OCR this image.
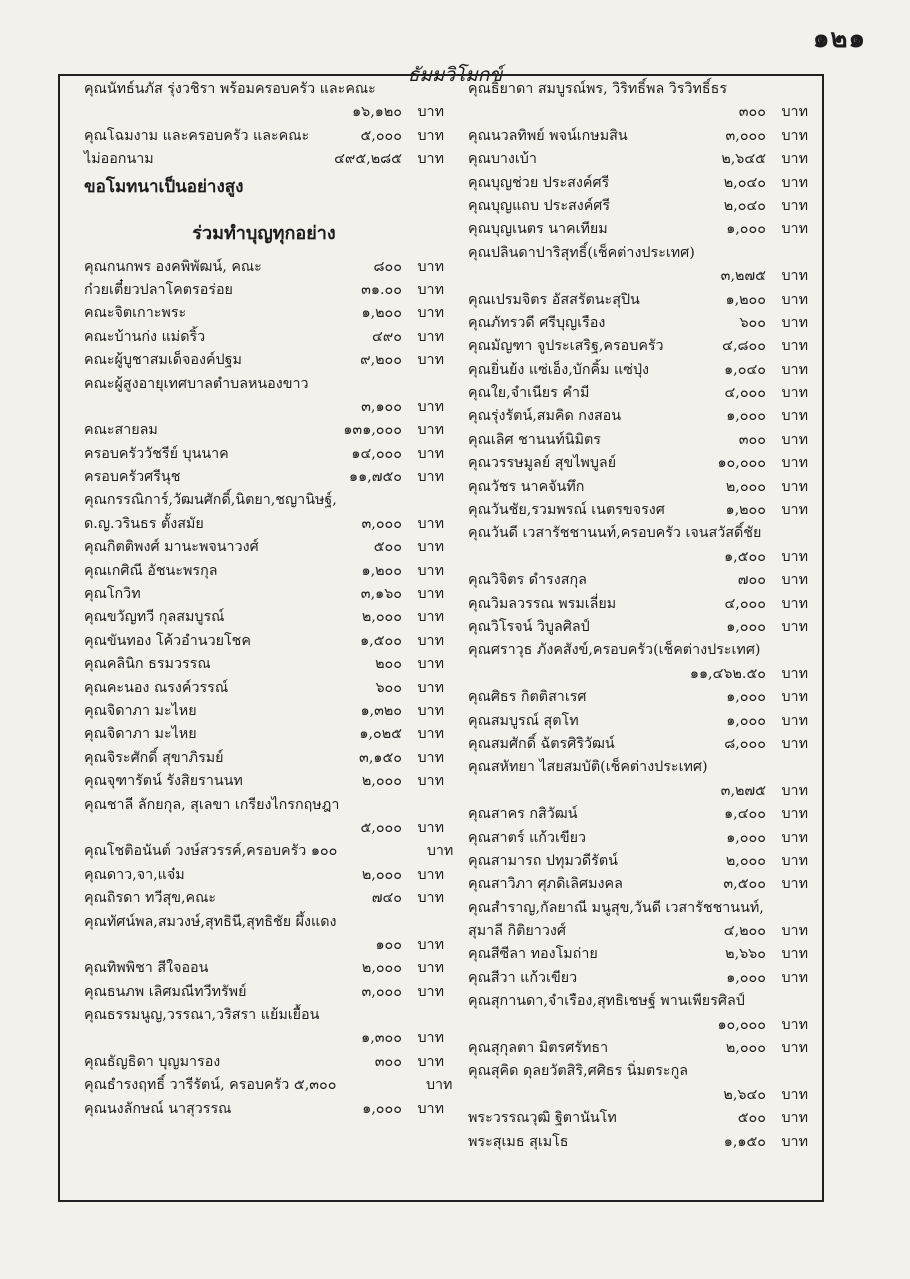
๑๒๑
ธัมมวิโมกข์
คุณนัทธ์นภัส รุ่งวชิรา พร้อมครอบครัว และคณะ
๑๖,๑๒๐	บาท
คุณโฉมงาม และครอบครัว และคณะ	๕,๐๐๐	บาท
ไม่ออกนาม	๔๙๕,๒๘๕	บาท
ขอโมทนาเป็นอย่างสูง
ร่วมทำบุญทุกอย่าง
คุณกนกพร องคพิพัฒน์, คณะ	๘๐๐	บาท
ก๋วยเตี๋ยวปลาโคตรอร่อย	๓๑.๐๐	บาท
คณะจิตเกาะพระ	๑,๒๐๐	บาท
คณะบ้านก่ง แม่ดริ้ว	๔๙๐	บาท
คณะผู้บูชาสมเด็จองค์ปฐม	๙,๒๐๐	บาท
คณะผู้สูงอายุเทศบาลตำบลหนองขาว
๓,๑๐๐	บาท
คณะสายลม	๑๓๑,๐๐๐	บาท
ครอบครัววัชรีย์ บุนนาค	๑๔,๐๐๐	บาท
ครอบครัวศรีนุช	๑๑,๗๕๐	บาท
คุณกรรณิการ์,วัฒนศักดิ์,นิตยา,ชญานิษฐ์,
ด.ญ.วรินธร ตั้งสมัย	๓,๐๐๐	บาท
คุณกิตติพงศ์ มานะพจนาวงศ์	๕๐๐	บาท
คุณเกศิณี อัชนะพรกุล	๑,๒๐๐	บาท
คุณโกวิท	๓,๑๖๐	บาท
คุณขวัญทวี กุลสมบูรณ์	๒,๐๐๐	บาท
คุณขันทอง โค้วอำนวยโชค	๑,๕๐๐	บาท
คุณคลินิก ธรมวรรณ	๒๐๐	บาท
คุณคะนอง ณรงค์วรรณ์	๖๐๐	บาท
คุณจิดาภา มะไหย	๑,๓๒๐	บาท
คุณจิดาภา มะไหย	๑,๐๒๕	บาท
คุณจิระศักดิ์ สุขาภิรมย์	๓,๑๕๐	บาท
คุณจุฑารัตน์ รังสิยรานนท	๒,๐๐๐	บาท
คุณชาลี ลักยกุล, สุเลขา เกรียงไกรกฤษฎา
๕,๐๐๐	บาท
คุณโชติอนันต์ วงษ์สวรรค์,ครอบครัว ๑๐๐	บาท
คุณดาว,จา,แจ๋ม	๒,๐๐๐	บาท
คุณถิรดา ทวีสุข,คณะ	๗๔๐	บาท
คุณทัศน์พล,สมวงษ์,สุทธินี,สุทธิชัย ผึ้งแดง
๑๐๐	บาท
คุณทิพพิชา สีใจออน	๒,๐๐๐	บาท
คุณธนภพ เลิศมณีทวีทรัพย์	๓,๐๐๐	บาท
คุณธรรมนูญ,วรรณา,วริสรา แย้มเยื้อน
๑,๓๐๐	บาท
คุณธัญธิดา บุญมารอง	๓๐๐	บาท
คุณธำรงฤทธิ์ วารีรัตน์, ครอบครัว ๕,๓๐๐	บาท
คุณนงลักษณ์ นาสุวรรณ	๑,๐๐๐	บาท
คุณธิยาดา สมบูรณ์พร, วิริทธิ์พล วิรวิทธิ์ธร
๓๐๐	บาท
คุณนวลทิพย์ พจน์เกษมสิน	๓,๐๐๐	บาท
คุณบางเบ้า	๒,๖๔๕	บาท
คุณบุญช่วย ประสงค์ศรี	๒,๐๔๐	บาท
คุณบุญแถบ ประสงค์ศรี	๒,๐๔๐	บาท
คุณบุญเนตร นาคเทียม	๑,๐๐๐	บาท
คุณปลินดาปาริสุทธิ์(เช็คต่างประเทศ)
๓,๒๗๕	บาท
คุณเปรมจิตร อัสสรัตนะสุปิน	๑,๒๐๐	บาท
คุณภัทรวดี ศรีบุญเรือง	๖๐๐	บาท
คุณมัญฑา จูประเสริฐ,ครอบครัว	๔,๘๐๐	บาท
คุณยิ่นย้ง แซ่เอ็ง,บักคิ้ม แซ่ปุ่ง	๑,๐๔๐	บาท
คุณใย,จำเนียร คำมี	๔,๐๐๐	บาท
คุณรุ่งรัตน์,สมคิด กงสอน	๑,๐๐๐	บาท
คุณเลิศ ชานนท์นิมิตร	๓๐๐	บาท
คุณวรรษมูลย์ สุขไพบูลย์	๑๐,๐๐๐	บาท
คุณวัชร นาคจันทึก	๒,๐๐๐	บาท
คุณวันชัย,รวมพรณ์ เนตรขจรงศ	๑,๒๐๐	บาท
คุณวันดี เวสารัชชานนท์,ครอบครัว เจนสวัสดิ์ชัย
๑,๕๐๐	บาท
คุณวิจิตร ดำรงสกุล	๗๐๐	บาท
คุณวิมลวรรณ พรมเลี่ยม	๔,๐๐๐	บาท
คุณวิโรจน์ วิบูลศิลป์	๑,๐๐๐	บาท
คุณศราวุธ ภังคสังข์,ครอบครัว(เช็คต่างประเทศ)
๑๑,๔๖๒.๕๐	บาท
คุณศิธร กิตติสาเรศ	๑,๐๐๐	บาท
คุณสมบูรณ์ สุตโท	๑,๐๐๐	บาท
คุณสมศักดิ์ ฉัตรศิริวัฒน์	๘,๐๐๐	บาท
คุณสหัทยา ไสยสมบัติ(เช็คต่างประเทศ)
๓,๒๗๕	บาท
คุณสาคร กสิวัฒน์	๑,๔๐๐	บาท
คุณสาตร์ แก้วเขียว	๑,๐๐๐	บาท
คุณสามารถ ปทุมวดีรัตน์	๒,๐๐๐	บาท
คุณสาวิภา ศุภดิเลิศมงคล	๓,๕๐๐	บาท
คุณสำราญ,กัลยาณี มนูสุข,วันดี เวสารัชชานนท์,
สุมาลี กิติยาวงศ์	๔,๒๐๐	บาท
คุณสีซีลา ทองโมถ่าย	๒,๖๖๐	บาท
คุณสีวา แก้วเขียว	๑,๐๐๐	บาท
คุณสุกานดา,จำเรือง,สุทธิเชษฐ์ พานเพียรศิลป์
๑๐,๐๐๐	บาท
คุณสุกุลตา มิตรศรัทธา	๒,๐๐๐	บาท
คุณสุคิด ดุลยวัตสิริ,ศศิธร นิ่มตระกูล
๒,๖๔๐	บาท
พระวรรณวุฒิ ฐิตานันโท	๕๐๐	บาท
พระสุเมธ สุเมโธ	๑,๑๕๐	บาท
